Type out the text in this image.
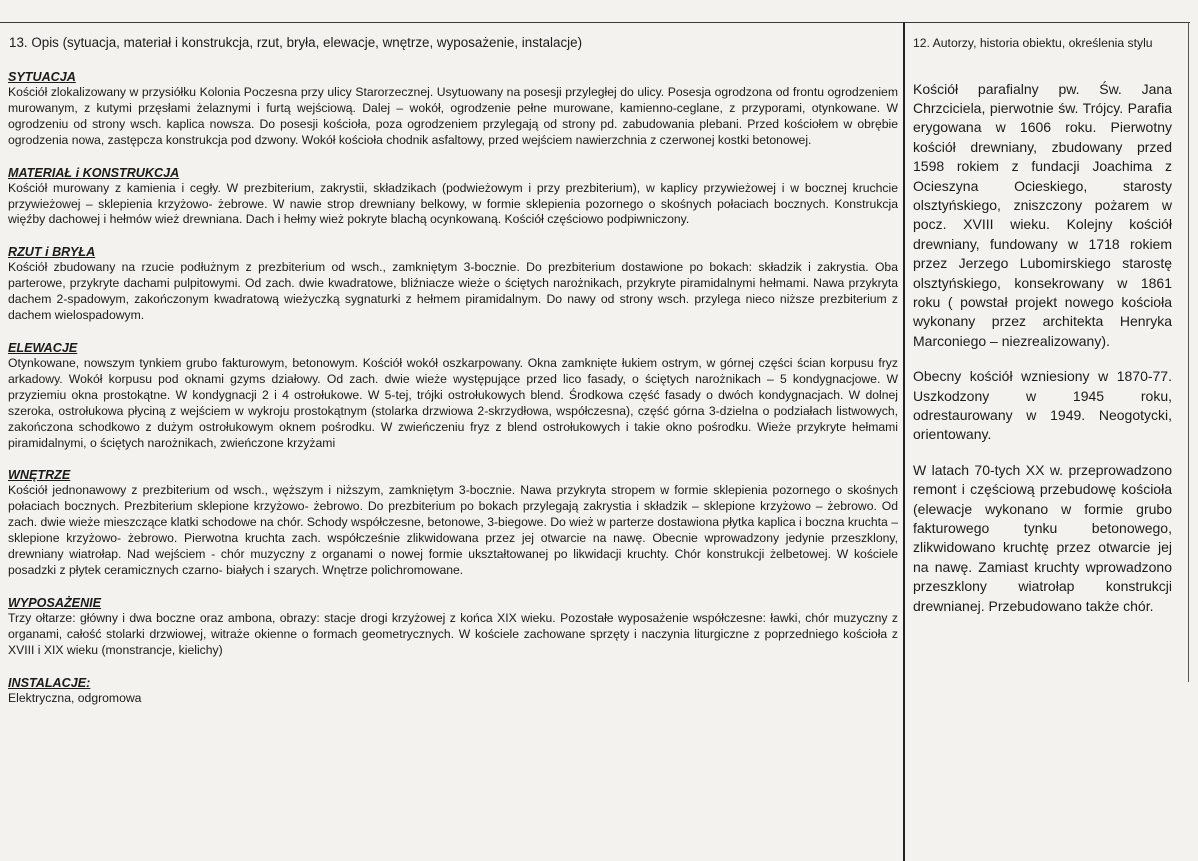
13. Opis (sytuacja, materiał i konstrukcja, rzut, bryła, elewacje, wnętrze, wyposażenie, instalacje)
SYTUACJA
Kościół zlokalizowany w przysiółku Kolonia Poczesna przy ulicy Starorzecznej. Usytuowany na posesji przyległej do ulicy. Posesja ogrodzona od frontu ogrodzeniem murowanym, z kutymi przęsłami żelaznymi i furtą wejściową. Dalej – wokół, ogrodzenie pełne murowane, kamienno-ceglane, z przyporami, otynkowane. W ogrodzeniu od strony wsch. kaplica nowsza. Do posesji kościoła, poza ogrodzeniem przylegają od strony pd. zabudowania plebani. Przed kościołem w obrębie ogrodzenia nowa, zastępcza konstrukcja pod dzwony. Wokół kościoła chodnik asfaltowy, przed wejściem nawierzchnia z czerwonej kostki betonowej.
MATERIAŁ i KONSTRUKCJA
Kościół murowany z kamienia i cegły. W prezbiterium, zakrystii, składzikach (podwieżowym i przy prezbiterium), w kaplicy przywieżowej i w bocznej kruchcie przywieżowej – sklepienia krzyżowo- żebrowe. W nawie strop drewniany belkowy, w formie sklepienia pozornego o skośnych połaciach bocznych. Konstrukcja więźby dachowej i hełmów wież drewniana. Dach i hełmy wież pokryte blachą ocynkowaną. Kościół częściowo podpiwniczony.
RZUT i BRYŁA
Kościół zbudowany na rzucie podłużnym z prezbiterium od wsch., zamkniętym 3-bocznie. Do prezbiterium dostawione po bokach: składzik i zakrystia. Oba parterowe, przykryte dachami pulpitowymi. Od zach. dwie kwadratowe, bliźniacze wieże o ściętych narożnikach, przykryte piramidalnymi hełmami. Nawa przykryta dachem 2-spadowym, zakończonym kwadratową wieżyczką sygnaturki z hełmem piramidalnym. Do nawy od strony wsch. przylega nieco niższe prezbiterium z dachem wielospadowym.
ELEWACJE
Otynkowane, nowszym tynkiem grubo fakturowym, betonowym. Kościół wokół oszkarpowany. Okna zamknięte łukiem ostrym, w górnej części ścian korpusu fryz arkadowy. Wokół korpusu pod oknami gzyms działowy. Od zach. dwie wieże występujące przed lico fasady, o ściętych narożnikach – 5 kondygnacjowe. W przyziemiu okna prostokątne. W kondygnacji 2 i 4 ostrołukowe. W 5-tej, trójki ostrołukowych blend. Środkowa część fasady o dwóch kondygnacjach. W dolnej szeroka, ostrołukowa płyciną z wejściem w wykroju prostokątnym (stolarka drzwiowa 2-skrzydłowa, współczesna), część górna 3-dzielna o podziałach listwowych, zakończona schodkowo z dużym ostrołukowym oknem pośrodku. W zwieńczeniu fryz z blend ostrołukowych i takie okno pośrodku. Wieże przykryte hełmami piramidalnymi, o ściętych narożnikach, zwieńczone krzyżami
WNĘTRZE
Kościół jednonawowy z prezbiterium od wsch., węższym i niższym, zamkniętym 3-bocznie. Nawa przykryta stropem w formie sklepienia pozornego o skośnych połaciach bocznych. Prezbiterium sklepione krzyżowo- żebrowo. Do prezbiterium po bokach przylegają zakrystia i składzik – sklepione krzyżowo – żebrowo. Od zach. dwie wieże mieszczące klatki schodowe na chór. Schody współczesne, betonowe, 3-biegowe. Do wież w parterze dostawiona płytka kaplica i boczna kruchta – sklepione krzyżowo- żebrowo. Pierwotna kruchta zach. współcześnie zlikwidowana przez jej otwarcie na nawę. Obecnie wprowadzony jedynie przeszklony, drewniany wiatrołap. Nad wejściem - chór muzyczny z organami o nowej formie ukształtowanej po likwidacji kruchty. Chór konstrukcji żelbetowej. W kościele posadzki z płytek ceramicznych czarno- białych i szarych. Wnętrze polichromowane.
WYPOSAŻENIE
Trzy ołtarze: główny i dwa boczne oraz ambona, obrazy: stacje drogi krzyżowej z końca XIX wieku. Pozostałe wyposażenie współczesne: ławki, chór muzyczny z organami, całość stolarki drzwiowej, witraże okienne o formach geometrycznych. W kościele zachowane sprzęty i naczynia liturgiczne z poprzedniego kościoła z XVIII i XIX wieku (monstrancje, kielichy)
INSTALACJE:
Elektryczna, odgromowa
12. Autorzy, historia obiektu, określenia stylu

Kościół parafialny pw. Św. Jana Chrzciciela, pierwotnie św. Trójcy. Parafia erygowana w 1606 roku. Pierwotny kościół drewniany, zbudowany przed 1598 rokiem z fundacji Joachima z Ocieszyna Ocieskiego, starosty olsztyńskiego, zniszczony pożarem w pocz. XVIII wieku. Kolejny kościół drewniany, fundowany w 1718 rokiem przez Jerzego Lubomirskiego starostę olsztyńskiego, konsekrowany w 1861 roku ( powstał projekt nowego kościoła wykonany przez architekta Henryka Marconiego – niezrealizowany).

Obecny kościół wzniesiony w 1870-77. Uszkodzony w 1945 roku, odrestaurowany w 1949. Neogotycki, orientowany.

W latach 70-tych XX w. przeprowadzono remont i częściową przebudowę kościoła (elewacje wykonano w formie grubo fakturowego tynku betonowego, zlikwidowano kruchtę przez otwarcie jej na nawę. Zamiast kruchty wprowadzono przeszklony wiatrołap konstrukcji drewnianej. Przebudowano także chór.
